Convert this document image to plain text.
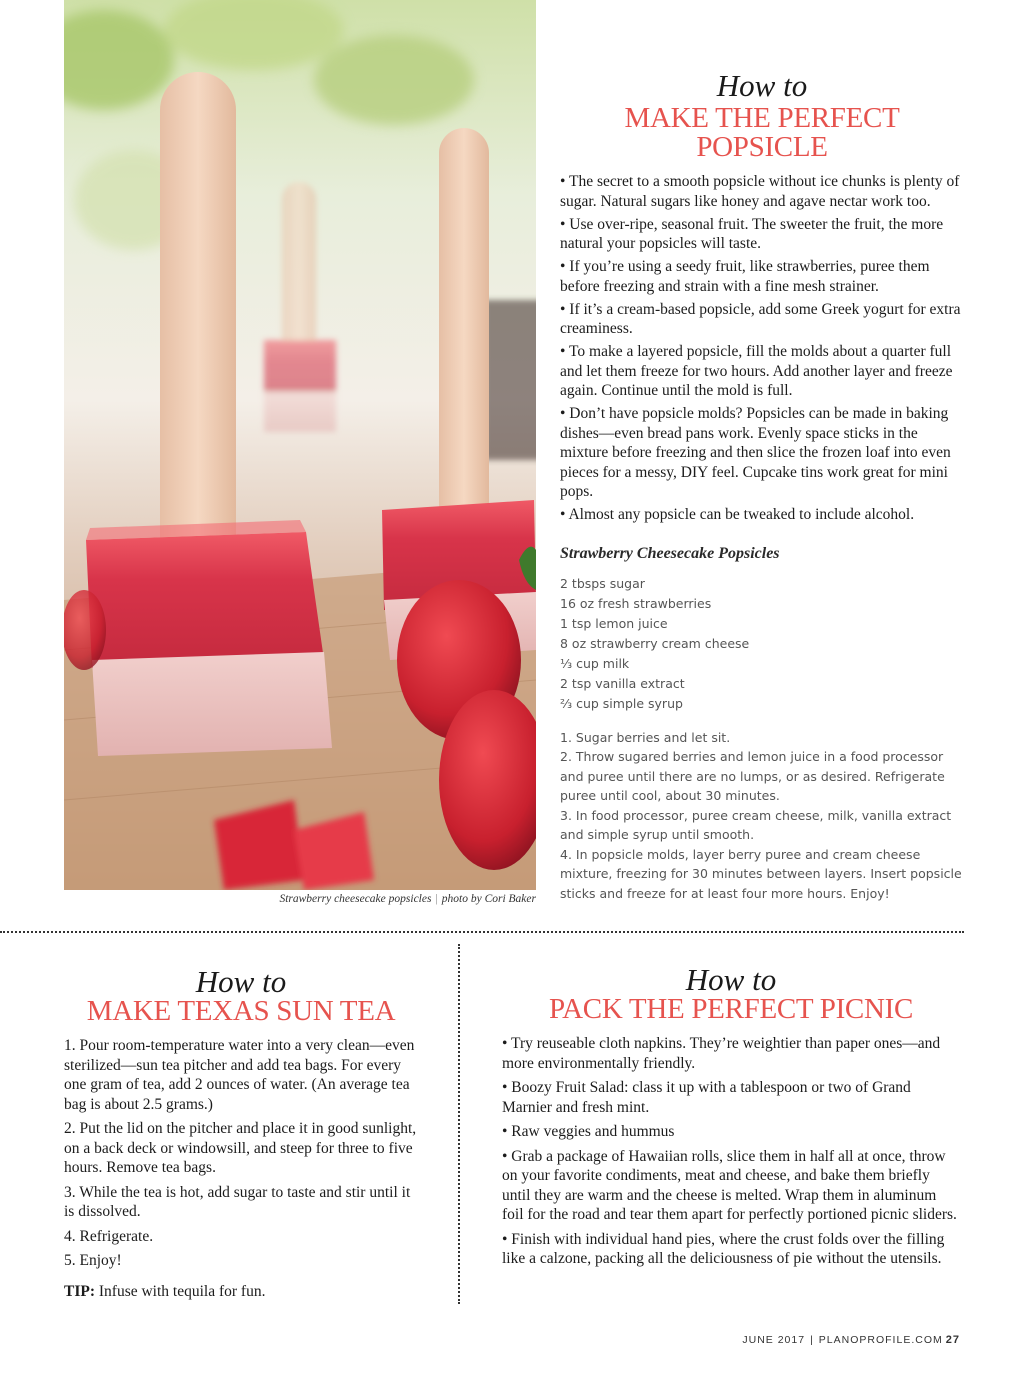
Strawberry cheesecake popsicles | photo by Cori Baker
How to
MAKE THE PERFECT
POPSICLE

• The secret to a smooth popsicle without ice chunks is plenty of sugar. Natural sugars like honey and agave nectar work too.

• Use over-ripe, seasonal fruit. The sweeter the fruit, the more natural your popsicles will taste.

• If you’re using a seedy fruit, like strawberries, puree them before freezing and strain with a fine mesh strainer.

• If it’s a cream-based popsicle, add some Greek yogurt for extra creaminess.

• To make a layered popsicle, fill the molds about a quarter full and let them freeze for two hours. Add another layer and freeze again. Continue until the mold is full.

• Don’t have popsicle molds? Popsicles can be made in baking dishes—even bread pans work. Evenly space sticks in the mixture before freezing and then slice the frozen loaf into even pieces for a messy, DIY feel. Cupcake tins work great for mini pops.

• Almost any popsicle can be tweaked to include alcohol.

Strawberry Cheesecake Popsicles
2 tbsps sugar
16 oz fresh strawberries
1 tsp lemon juice
8 oz strawberry cream cheese
⅓ cup milk
2 tsp vanilla extract
⅔ cup simple syrup
1. Sugar berries and let sit.
2. Throw sugared berries and lemon juice in a food processor and puree until there are no lumps, or as desired. Refrigerate puree until cool, about 30 minutes.
3. In food processor, puree cream cheese, milk, vanilla extract and simple syrup until smooth.
4. In popsicle molds, layer berry puree and cream cheese mixture, freezing for 30 minutes between layers. Insert popsicle sticks and freeze for at least four more hours. Enjoy!
How to
MAKE TEXAS SUN TEA
1. Pour room-temperature water into a very clean—even sterilized—sun tea pitcher and add tea bags. For every one gram of tea, add 2 ounces of water. (An average tea bag is about 2.5 grams.)
2. Put the lid on the pitcher and place it in good sunlight, on a back deck or windowsill, and steep for three to five hours. Remove tea bags.
3. While the tea is hot, add sugar to taste and stir until it is dissolved.
4. Refrigerate.
5. Enjoy!
TIP: Infuse with tequila for fun.
How to
PACK THE PERFECT PICNIC
• Try reuseable cloth napkins. They’re weightier than paper ones—and more environmentally friendly.
• Boozy Fruit Salad: class it up with a tablespoon or two of Grand Marnier and fresh mint.
• Raw veggies and hummus
• Grab a package of Hawaiian rolls, slice them in half all at once, throw on your favorite condiments, meat and cheese, and bake them briefly until they are warm and the cheese is melted. Wrap them in aluminum foil for the road and tear them apart for perfectly portioned picnic sliders.
• Finish with individual hand pies, where the crust folds over the filling like a calzone, packing all the deliciousness of pie without the utensils.
JUNE 2017 | PLANOPROFILE.COM 27
